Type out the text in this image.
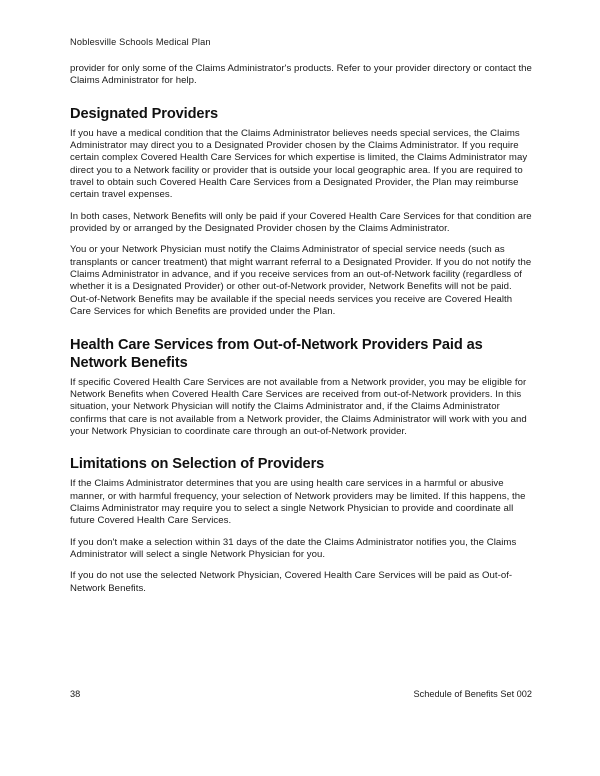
Noblesville Schools Medical Plan

provider for only some of the Claims Administrator's products. Refer to your provider directory or contact the Claims Administrator for help.

Designated Providers

If you have a medical condition that the Claims Administrator believes needs special services, the Claims Administrator may direct you to a Designated Provider chosen by the Claims Administrator. If you require certain complex Covered Health Care Services for which expertise is limited, the Claims Administrator may direct you to a Network facility or provider that is outside your local geographic area. If you are required to travel to obtain such Covered Health Care Services from a Designated Provider, the Plan may reimburse certain travel expenses.

In both cases, Network Benefits will only be paid if your Covered Health Care Services for that condition are provided by or arranged by the Designated Provider chosen by the Claims Administrator.

You or your Network Physician must notify the Claims Administrator of special service needs (such as transplants or cancer treatment) that might warrant referral to a Designated Provider. If you do not notify the Claims Administrator in advance, and if you receive services from an out-of-Network facility (regardless of whether it is a Designated Provider) or other out-of-Network provider, Network Benefits will not be paid. Out-of-Network Benefits may be available if the special needs services you receive are Covered Health Care Services for which Benefits are provided under the Plan.

Health Care Services from Out-of-Network Providers Paid as Network Benefits

If specific Covered Health Care Services are not available from a Network provider, you may be eligible for Network Benefits when Covered Health Care Services are received from out-of-Network providers. In this situation, your Network Physician will notify the Claims Administrator and, if the Claims Administrator confirms that care is not available from a Network provider, the Claims Administrator will work with you and your Network Physician to coordinate care through an out-of-Network provider.

Limitations on Selection of Providers

If the Claims Administrator determines that you are using health care services in a harmful or abusive manner, or with harmful frequency, your selection of Network providers may be limited. If this happens, the Claims Administrator may require you to select a single Network Physician to provide and coordinate all future Covered Health Care Services.

If you don't make a selection within 31 days of the date the Claims Administrator notifies you, the Claims Administrator will select a single Network Physician for you.

If you do not use the selected Network Physician, Covered Health Care Services will be paid as Out-of-Network Benefits.

38	Schedule of Benefits Set 002
